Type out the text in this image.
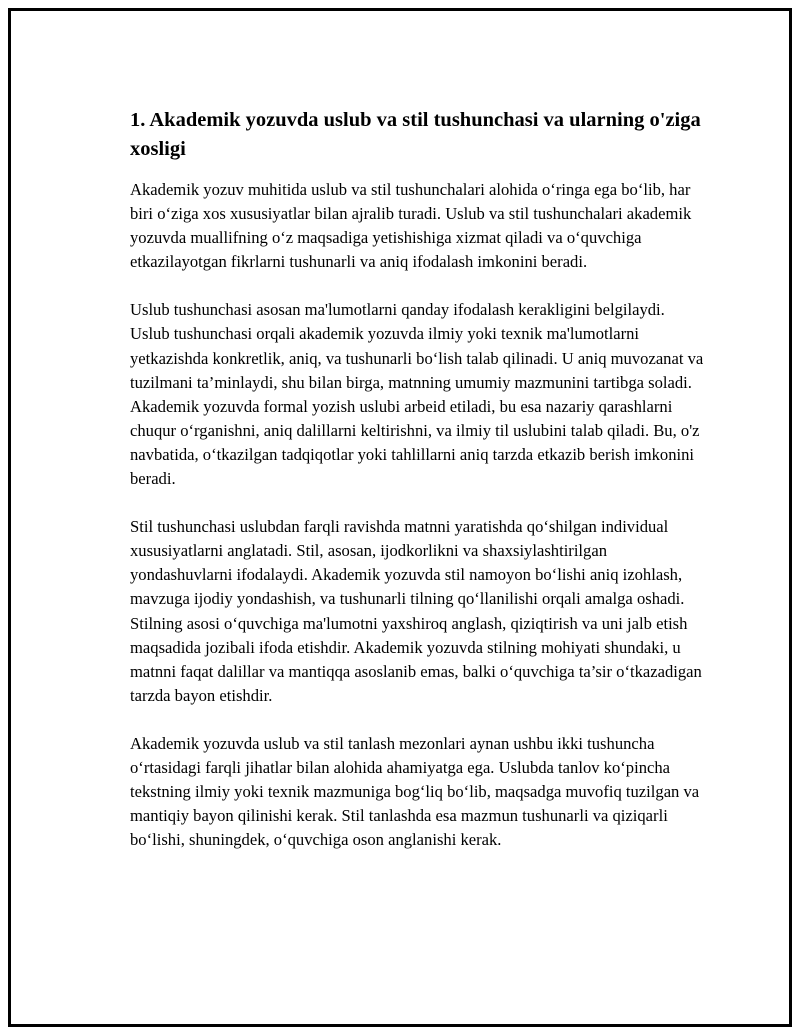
1. Akademik yozuvda uslub va stil tushunchasi va ularning o'ziga xosligi

Akademik yozuv muhitida uslub va stil tushunchalari alohida o‘ringa ega bo‘lib, har biri o‘ziga xos xususiyatlar bilan ajralib turadi. Uslub va stil tushunchalari akademik yozuvda muallifning o‘z maqsadiga yetishishiga xizmat qiladi va o‘quvchiga etkazilayotgan fikrlarni tushunarli va aniq ifodalash imkonini beradi.

Uslub tushunchasi asosan ma'lumotlarni qanday ifodalash kerakligini belgilaydi. Uslub tushunchasi orqali akademik yozuvda ilmiy yoki texnik ma'lumotlarni yetkazishda konkretlik, aniq, va tushunarli bo‘lish talab qilinadi. U aniq muvozanat va tuzilmani ta’minlaydi, shu bilan birga, matnning umumiy mazmunini tartibga soladi. Akademik yozuvda formal yozish uslubi arbeid etiladi, bu esa nazariy qarashlarni chuqur o‘rganishni, aniq dalillarni keltirishni, va ilmiy til uslubini talab qiladi. Bu, o'z navbatida, o‘tkazilgan tadqiqotlar yoki tahlillarni aniq tarzda etkazib berish imkonini beradi.

Stil tushunchasi uslubdan farqli ravishda matnni yaratishda qo‘shilgan individual xususiyatlarni anglatadi. Stil, asosan, ijodkorlikni va shaxsiylashtirilgan yondashuvlarni ifodalaydi. Akademik yozuvda stil namoyon bo‘lishi aniq izohlash, mavzuga ijodiy yondashish, va tushunarli tilning qo‘llanilishi orqali amalga oshadi. Stilning asosi o‘quvchiga ma'lumotni yaxshiroq anglash, qiziqtirish va uni jalb etish maqsadida jozibali ifoda etishdir. Akademik yozuvda stilning mohiyati shundaki, u matnni faqat dalillar va mantiqqa asoslanib emas, balki o‘quvchiga ta’sir o‘tkazadigan tarzda bayon etishdir.

Akademik yozuvda uslub va stil tanlash mezonlari aynan ushbu ikki tushuncha o‘rtasidagi farqli jihatlar bilan alohida ahamiyatga ega. Uslubda tanlov ko‘pincha tekstning ilmiy yoki texnik mazmuniga bog‘liq bo‘lib, maqsadga muvofiq tuzilgan va mantiqiy bayon qilinishi kerak. Stil tanlashda esa mazmun tushunarli va qiziqarli bo‘lishi, shuningdek, o‘quvchiga oson anglanishi kerak.
